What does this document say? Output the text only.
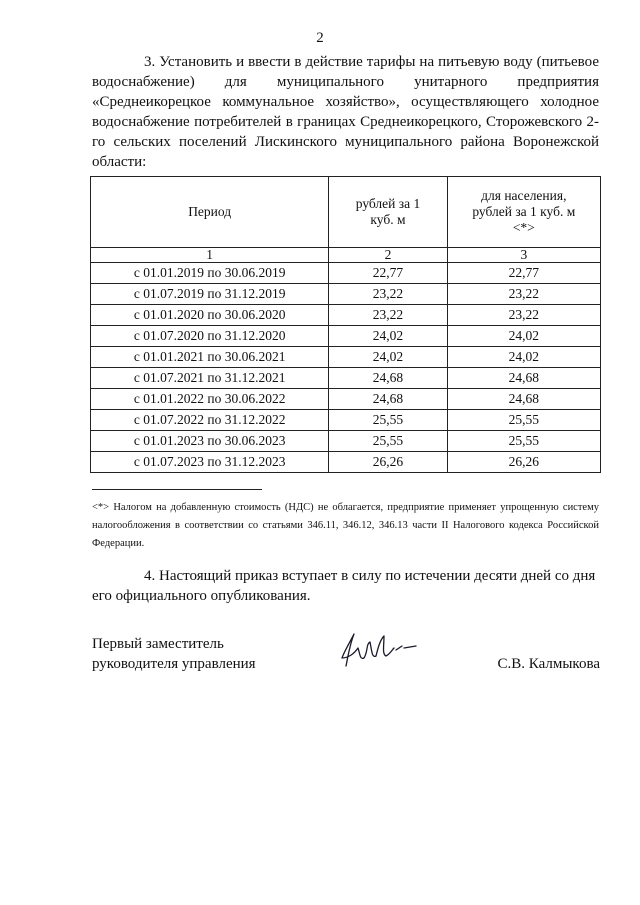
2

3. Установить и ввести в действие тарифы на питьевую воду (питьевое водоснабжение) для муниципального унитарного предприятия «Среднеикорецкое коммунальное хозяйство», осуществляющего холодное водоснабжение потребителей в границах Среднеикорецкого, Сторожевского 2-го сельских поселений Лискинского муниципального района Воронежской области:

Период	рублей за 1 куб. м	для населения, рублей за 1 куб. м <*>

1	2	3
с 01.01.2019 по 30.06.2019	22,77	22,77
с 01.07.2019 по 31.12.2019	23,22	23,22
с 01.01.2020 по 30.06.2020	23,22	23,22
с 01.07.2020 по 31.12.2020	24,02	24,02
с 01.01.2021 по 30.06.2021	24,02	24,02
с 01.07.2021 по 31.12.2021	24,68	24,68
с 01.01.2022 по 30.06.2022	24,68	24,68
с 01.07.2022 по 31.12.2022	25,55	25,55
с 01.01.2023 по 30.06.2023	25,55	25,55
с 01.07.2023 по 31.12.2023	26,26	26,26
<*> Налогом на добавленную стоимость (НДС) не облагается, предприятие применяет упрощенную систему налогообложения в соответствии со статьями 346.11, 346.12, 346.13 части II Налогового кодекса Российской Федерации.

4. Настоящий приказ вступает в силу по истечении десяти дней со дня его официального опубликования.

Первый заместитель
руководителя управления	С.В. Калмыкова
